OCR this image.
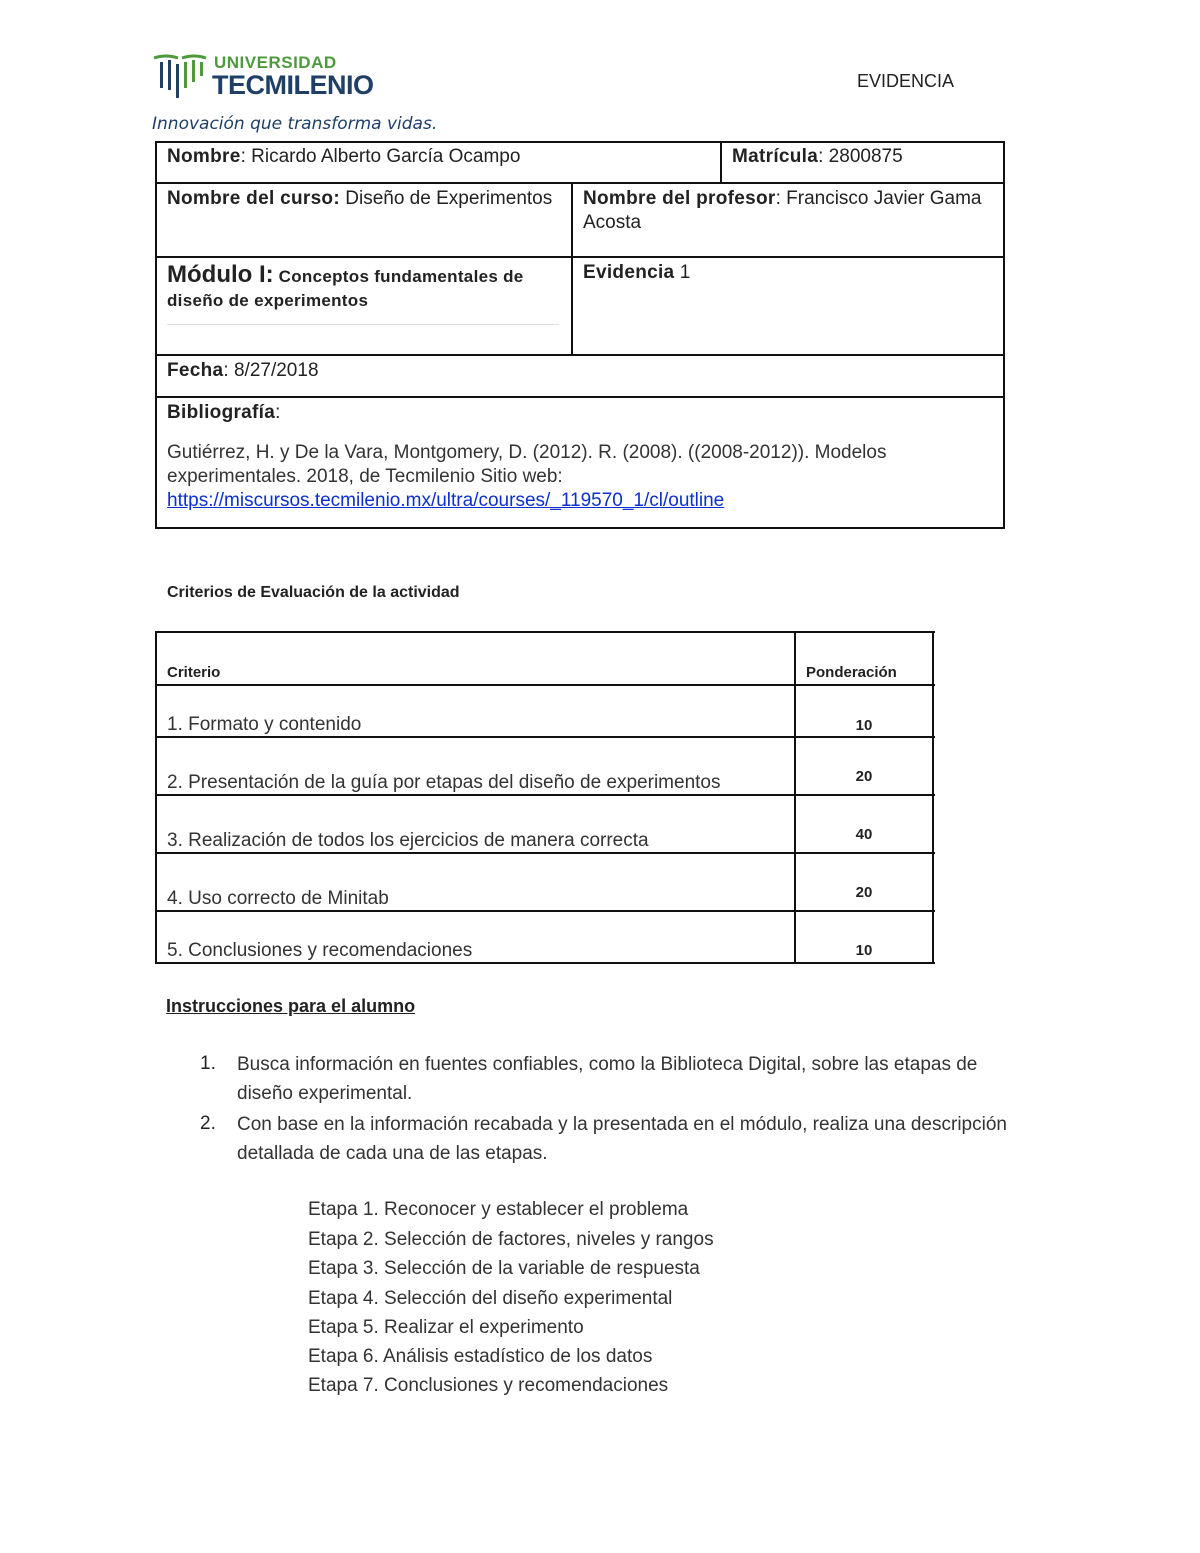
UNIVERSIDAD
TECMILENIO
Innovación que transforma vidas.
EVIDENCIA
Nombre: Ricardo Alberto García Ocampo	Matrícula: 2800875
Nombre del curso: Diseño de Experimentos	Nombre del profesor: Francisco Javier Gama Acosta
Módulo I: Conceptos fundamentales de diseño de experimentos
Evidencia 1
Fecha: 8/27/2018
Bibliografía:
Gutiérrez, H. y De la Vara, Montgomery, D. (2012). R. (2008). ((2008-2012)). Modelos experimentales. 2018, de Tecmilenio Sitio web:
https://miscursos.tecmilenio.mx/ultra/courses/_119570_1/cl/outline
Criterios de Evaluación de la actividad
Criterio	Ponderación
1. Formato y contenido	10
2. Presentación de la guía por etapas del diseño de experimentos	20
3. Realización de todos los ejercicios de manera correcta	40
4. Uso correcto de Minitab	20
5. Conclusiones y recomendaciones	10
Instrucciones para el alumno
1. Busca información en fuentes confiables, como la Biblioteca Digital, sobre las etapas de diseño experimental.
2. Con base en la información recabada y la presentada en el módulo, realiza una descripción detallada de cada una de las etapas.
Etapa 1. Reconocer y establecer el problema
Etapa 2. Selección de factores, niveles y rangos
Etapa 3. Selección de la variable de respuesta
Etapa 4. Selección del diseño experimental
Etapa 5. Realizar el experimento
Etapa 6. Análisis estadístico de los datos
Etapa 7. Conclusiones y recomendaciones
